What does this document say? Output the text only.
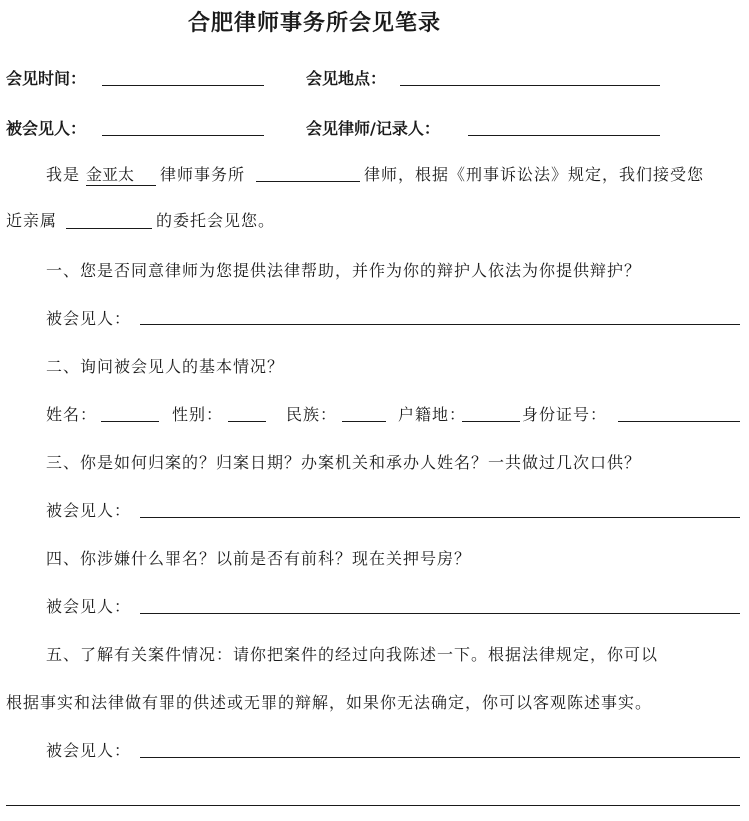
合肥律师事务所会见笔录
会见时间：	会见地点：
被会见人：	会见律师/记录人：
我是 金亚太	律师事务所	律师，根据《刑事诉讼法》规定，我们接受您
近亲属	的委托会见您。
一、您是否同意律师为您提供法律帮助，并作为你的辩护人依法为你提供辩护？
被会见人：
二、询问被会见人的基本情况？
姓名：	性别：	民族：	户籍地：	身份证号：
三、你是如何归案的？归案日期？办案机关和承办人姓名？一共做过几次口供？
被会见人：
四、你涉嫌什么罪名？以前是否有前科？现在关押号房？
被会见人：
五、了解有关案件情况：请你把案件的经过向我陈述一下。根据法律规定，你可以
根据事实和法律做有罪的供述或无罪的辩解，如果你无法确定，你可以客观陈述事实。
被会见人：
